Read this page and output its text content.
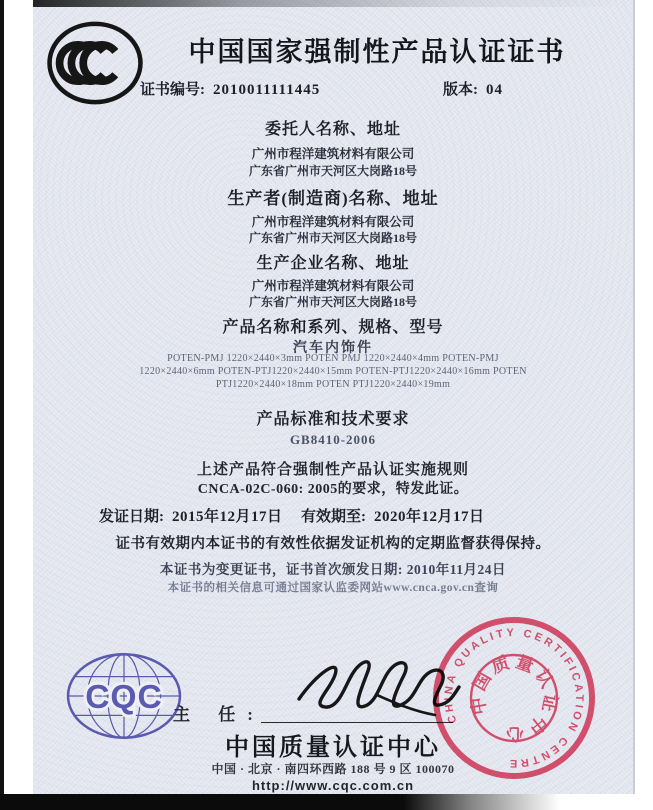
中国国家强制性产品认证证书
证书编号: 2010011111445	版本: 04
委托人名称、地址
广州市程洋建筑材料有限公司
广东省广州市天河区大岗路18号
生产者(制造商)名称、地址
广州市程洋建筑材料有限公司
广东省广州市天河区大岗路18号
生产企业名称、地址
广州市程洋建筑材料有限公司
广东省广州市天河区大岗路18号
产品名称和系列、规格、型号
汽车内饰件
POTEN-PMJ 1220×2440×3mm POTEN PMJ 1220×2440×4mm POTEN-PMJ
1220×2440×6mm POTEN-PTJ1220×2440×15mm POTEN-PTJ1220×2440×16mm POTEN
PTJ1220×2440×18mm POTEN PTJ1220×2440×19mm
产品标准和技术要求
GB8410-2006
上述产品符合强制性产品认证实施规则
CNCA-02C-060: 2005的要求，特发此证。
发证日期: 2015年12月17日 有效期至: 2020年12月17日
证书有效期内本证书的有效性依据发证机构的定期监督获得保持。
本证书为变更证书，证书首次颁发日期: 2010年11月24日
本证书的相关信息可通过国家认监委网站www.cnca.gov.cn查询
CQC 主 任:
中国质量认证中心
中国 · 北京 · 南四环西路 188 号 9 区 100070
http://www.cqc.com.cn
CHINA QUALITY CERTIFICATION CENTRE
中国质量认证中心
